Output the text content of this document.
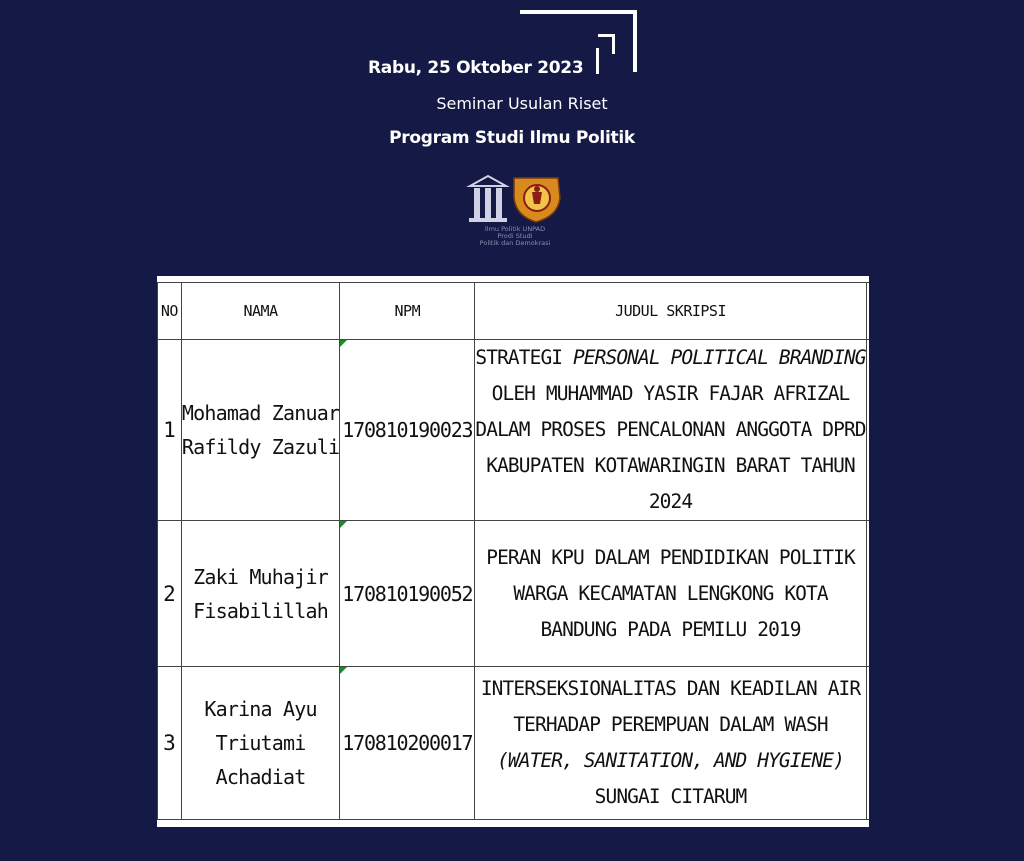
Rabu, 25 Oktober 2023
Seminar Usulan Riset
Program Studi Ilmu Politik
Ilmu Politik UNPAD
Prodi Studi
Politik dan Demokrasi
NO	NAMA	NPM	JUDUL SKRIPSI	
1	Mohamad Zanuar
Rafildy Zazuli	170810190023	STRATEGI PERSONAL POLITICAL BRANDING
OLEH MUHAMMAD YASIR FAJAR AFRIZAL
DALAM PROSES PENCALONAN ANGGOTA DPRD
KABUPATEN KOTAWARINGIN BARAT TAHUN
2024	

2	Zaki Muhajir
Fisabilillah	170810190052	PERAN KPU DALAM PENDIDIKAN POLITIK
WARGA KECAMATAN LENGKONG KOTA
BANDUNG PADA PEMILU 2019	

3	Karina Ayu
Triutami
Achadiat	170810200017	INTERSEKSIONALITAS DAN KEADILAN AIR
TERHADAP PEREMPUAN DALAM WASH
(WATER, SANITATION, AND HYGIENE)
SUNGAI CITARUM	
